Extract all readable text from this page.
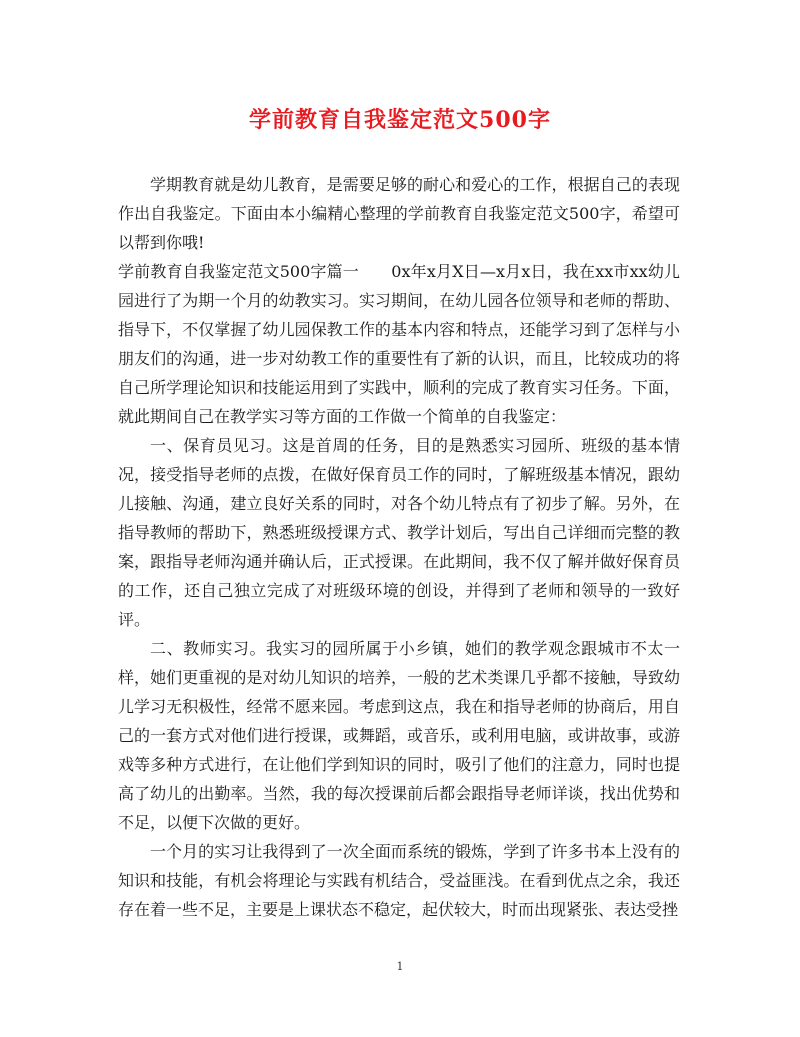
学前教育自我鉴定范文500字

学期教育就是幼儿教育，是需要足够的耐心和爱心的工作，根据自己的表现作出自我鉴定。下面由本小编精心整理的学前教育自我鉴定范文500字，希望可以帮到你哦!

学前教育自我鉴定范文500字篇一　　0x年x月X日—x月x日，我在xx市xx幼儿园进行了为期一个月的幼教实习。实习期间，在幼儿园各位领导和老师的帮助、指导下，不仅掌握了幼儿园保教工作的基本内容和特点，还能学习到了怎样与小朋友们的沟通，进一步对幼教工作的重要性有了新的认识，而且，比较成功的将自己所学理论知识和技能运用到了实践中，顺利的完成了教育实习任务。下面，就此期间自己在教学实习等方面的工作做一个简单的自我鉴定：

一、保育员见习。这是首周的任务，目的是熟悉实习园所、班级的基本情况，接受指导老师的点拨，在做好保育员工作的同时，了解班级基本情况，跟幼儿接触、沟通，建立良好关系的同时，对各个幼儿特点有了初步了解。另外，在指导教师的帮助下，熟悉班级授课方式、教学计划后，写出自己详细而完整的教案，跟指导老师沟通并确认后，正式授课。在此期间，我不仅了解并做好保育员的工作，还自己独立完成了对班级环境的创设，并得到了老师和领导的一致好评。

二、教师实习。我实习的园所属于小乡镇，她们的教学观念跟城市不太一样，她们更重视的是对幼儿知识的培养，一般的艺术类课几乎都不接触，导致幼儿学习无积极性，经常不愿来园。考虑到这点，我在和指导老师的协商后，用自己的一套方式对他们进行授课，或舞蹈，或音乐，或利用电脑，或讲故事，或游戏等多种方式进行，在让他们学到知识的同时，吸引了他们的注意力，同时也提高了幼儿的出勤率。当然，我的每次授课前后都会跟指导老师详谈，找出优势和不足，以便下次做的更好。

一个月的实习让我得到了一次全面而系统的锻炼，学到了许多书本上没有的知识和技能，有机会将理论与实践有机结合，受益匪浅。在看到优点之余，我还存在着一些不足，主要是上课状态不稳定，起伏较大，时而出现紧张、表达受挫

1
